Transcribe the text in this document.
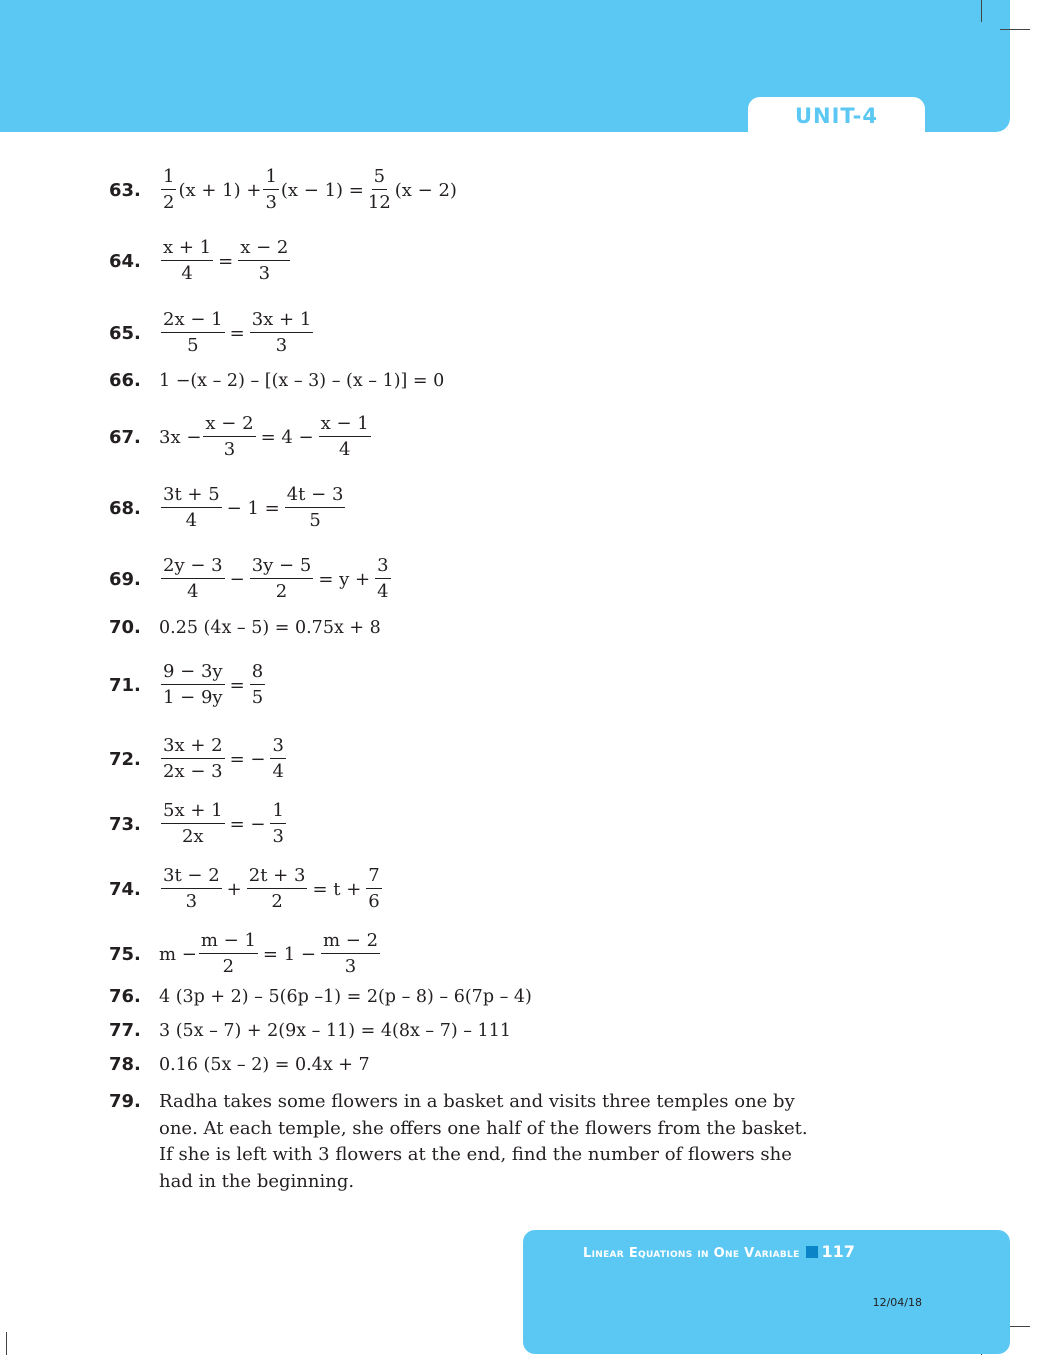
UNIT-4
63.	$\frac{1}{2} (x + 1) + \frac{1}{3} (x - 1) = \frac{5}{12} (x - 2)$
64.	$\frac{x + 1}{4} = \frac{x - 2}{3}$
65.	$\frac{2x - 1}{5} = \frac{3x + 1}{3}$
66.	1 −(x – 2) – [(x – 3) – (x – 1)] = 0
67.	$3x - \frac{x - 2}{3} = 4 - \frac{x - 1}{4}$
68.	$\frac{3t + 5}{4} - 1 = \frac{4t - 3}{5}$
69.	$\frac{2y - 3}{4} - \frac{3y - 5}{2} = y + \frac{3}{4}$
70.	0.25 (4x – 5) = 0.75x + 8
71.	$\frac{9 - 3y}{1 - 9y} = \frac{8}{5}$
72.	$\frac{3x + 2}{2x - 3}$ = − $\frac{3}{4}$
73.	$\frac{5x + 1}{2x}$ = − $\frac{1}{3}$
74.	$\frac{3t - 2}{3} + \frac{2t + 3}{2} = t + \frac{7}{6}$
75.	$m - \frac{m - 1}{2} = 1 - \frac{m - 2}{3}$
76.	4 (3p + 2) – 5(6p –1) = 2(p – 8) – 6(7p – 4)
77.	3 (5x – 7) + 2(9x – 11) = 4(8x – 7) – 111
78.	0.16 (5x – 2) = 0.4x + 7
79.	Radha takes some flowers in a basket and visits three temples one by one. At each temple, she offers one half of the flowers from the basket. If she is left with 3 flowers at the end, find the number of flowers she had in the beginning.
Linear Equations in One Variable 117
12/04/18
